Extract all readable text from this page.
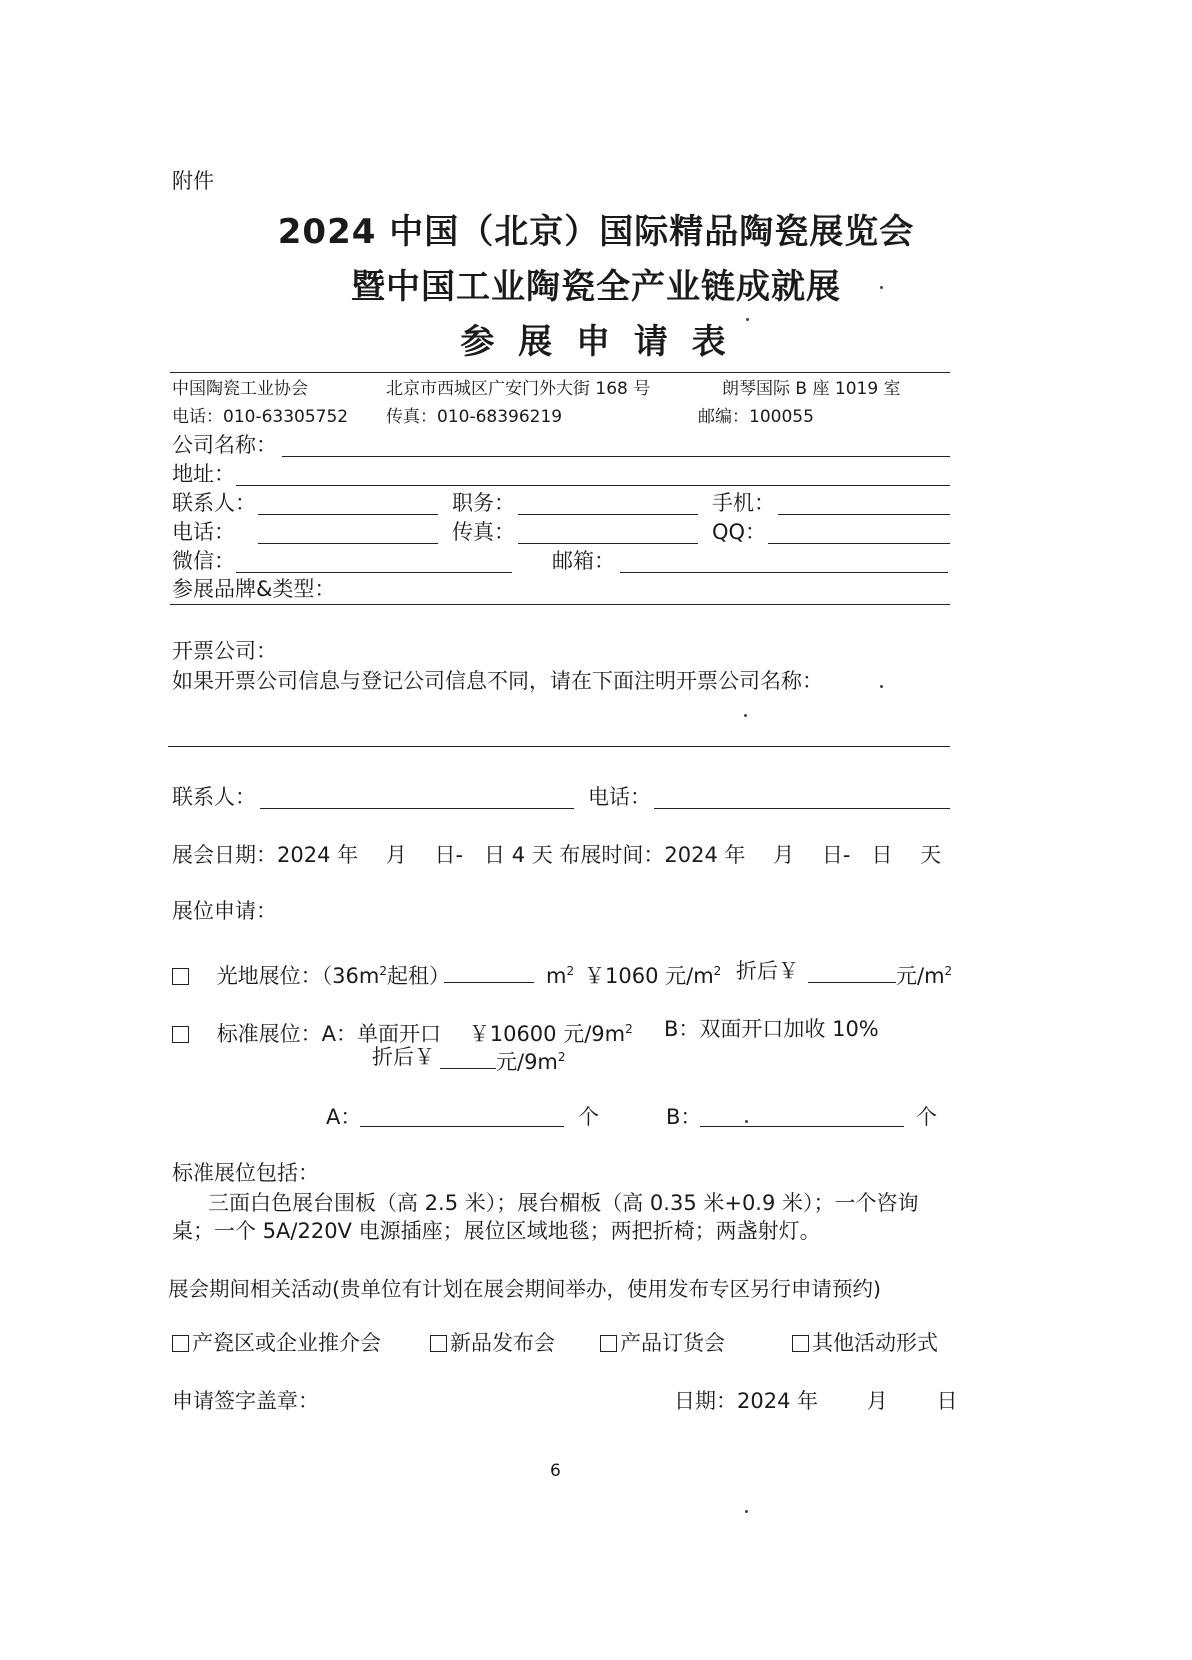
附件
2024 中国（北京）国际精品陶瓷展览会
暨中国工业陶瓷全产业链成就展
参 展 申 请 表
中国陶瓷工业协会	北京市西城区广安门外大街 168 号	朗琴国际 B 座 1019 室
电话：010-63305752 传真：010-68396219	邮编：100055
公司名称：
地址：
联系人：	职务：	手机：
电话：	传真：	QQ：
微信：	邮箱：
参展品牌&类型：
开票公司：
如果开票公司信息与登记公司信息不同，请在下面注明开票公司名称：
联系人：	电话：
展会日期：2024 年　 月　 日-　日 4 天 布展时间：2024 年　 月　 日-　日　 天
展位申请：
光地展位：（$36m^2$起租）	$m^2$ ￥1060 元$/m^2$ 折后￥	元$/m^2$
标准展位：A：单面开口　 ￥10600 元$/9m^2$ B：双面开口加收 10%
折后￥	元$/9m^2$
A：	个	B：	个
标准展位包括：
三面白色展台围板（高 2.5 米）；展台楣板（高 0.35 米+0.9 米）；一个咨询
桌；一个 5A/220V 电源插座；展位区域地毯；两把折椅；两盏射灯。
展会期间相关活动(贵单位有计划在展会期间举办，使用发布专区另行申请预约)
产瓷区或企业推介会	新品发布会	产品订货会	其他活动形式
申请签字盖章：	日期：2024 年　　 月　　 日
6
